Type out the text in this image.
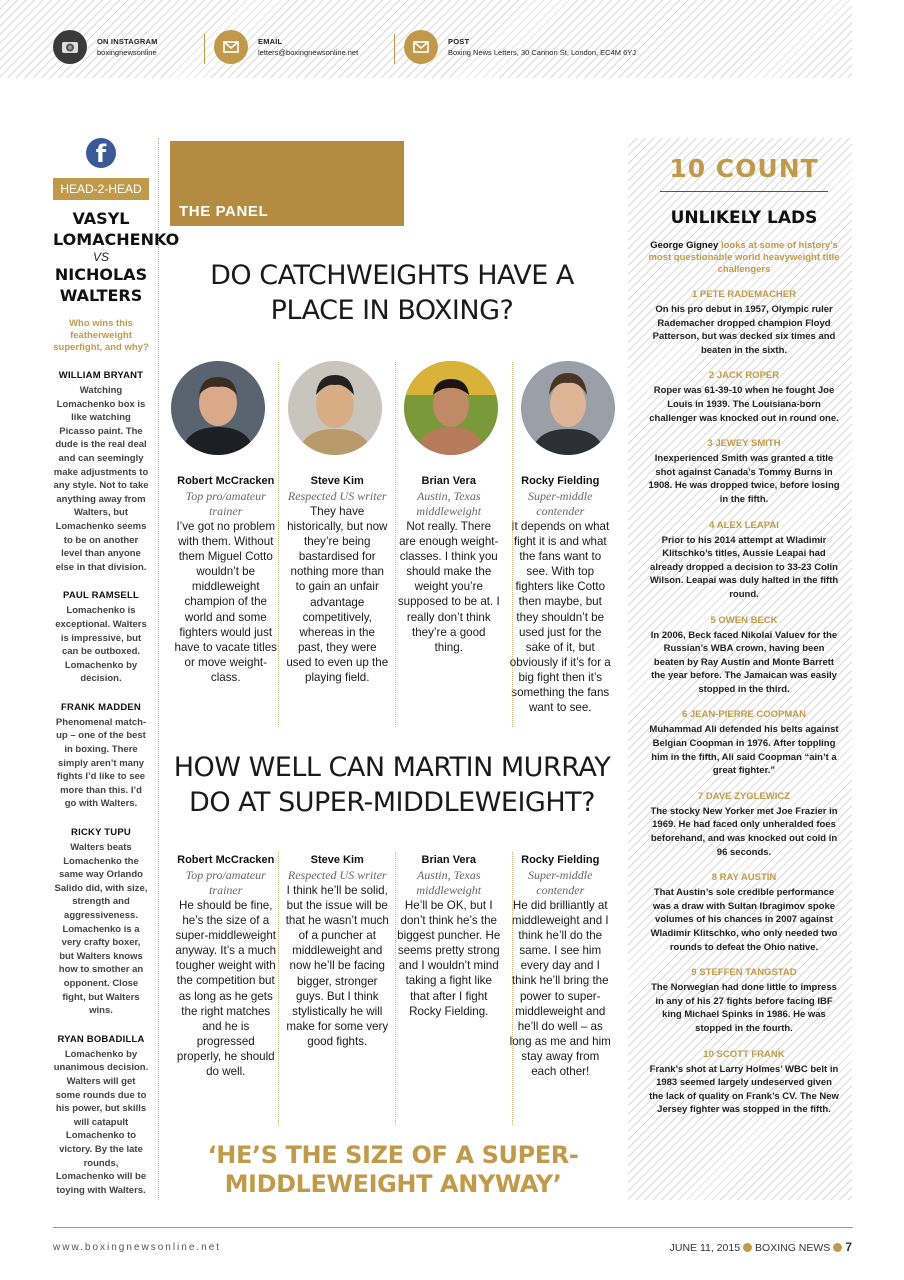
ON INSTAGRAM
boxingnewsonline
EMAIL
letters@boxingnewsonline.net
POST
Boxing News Letters, 30 Cannon St, London, EC4M 6YJ
f
HEAD-2-HEAD
VASYL LOMACHENKO
VS
NICHOLAS WALTERS
Who wins this featherweight superfight, and why?
WILLIAM BRYANT
Watching Lomachenko box is like watching Picasso paint. The dude is the real deal and can seemingly make adjustments to any style. Not to take anything away from Walters, but Lomachenko seems to be on another level than anyone else in that division.
PAUL RAMSELL
Lomachenko is exceptional. Walters is impressive, but can be outboxed. Lomachenko by decision.
FRANK MADDEN
Phenomenal match-up – one of the best in boxing. There simply aren’t many fights I’d like to see more than this. I’d go with Walters.
RICKY TUPU
Walters beats Lomachenko the same way Orlando Salido did, with size, strength and aggressiveness. Lomachenko is a very crafty boxer, but Walters knows how to smother an opponent. Close fight, but Walters wins.
RYAN BOBADILLA
Lomachenko by unanimous decision. Walters will get some rounds due to his power, but skills will catapult Lomachenko to victory. By the late rounds, Lomachenko will be toying with Walters.
THE PANEL
DO CATCHWEIGHTS HAVE A PLACE IN BOXING?
Robert McCracken
Top pro/amateur trainer
I’ve got no problem with them. Without them Miguel Cotto wouldn’t be middleweight champion of the world and some fighters would just have to vacate titles or move weight-class.
Steve Kim
Respected US writer
They have historically, but now they’re being bastardised for nothing more than to gain an unfair advantage competitively, whereas in the past, they were used to even up the playing field.
Brian Vera
Austin, Texas middleweight
Not really. There are enough weight-classes. I think you should make the weight you’re supposed to be at. I really don’t think they’re a good thing.
Rocky Fielding
Super-middle contender
It depends on what fight it is and what the fans want to see. With top fighters like Cotto then maybe, but they shouldn’t be used just for the sake of it, but obviously if it’s for a big fight then it’s something the fans want to see.
HOW WELL CAN MARTIN MURRAY DO AT SUPER-MIDDLEWEIGHT?
Robert McCracken
Top pro/amateur trainer
He should be fine, he’s the size of a super-middleweight anyway. It’s a much tougher weight with the competition but as long as he gets the right matches and he is progressed properly, he should do well.
Steve Kim
Respected US writer
I think he’ll be solid, but the issue will be that he wasn’t much of a puncher at middleweight and now he’ll be facing bigger, stronger guys. But I think stylistically he will make for some very good fights.
Brian Vera
Austin, Texas middleweight
He’ll be OK, but I don’t think he’s the biggest puncher. He seems pretty strong and I wouldn’t mind taking a fight like that after I fight Rocky Fielding.
Rocky Fielding
Super-middle contender
He did brilliantly at middleweight and I think he’ll do the same. I see him every day and I think he’ll bring the power to super-middleweight and he’ll do well – as long as me and him stay away from each other!
‘HE’S THE SIZE OF A SUPER-MIDDLEWEIGHT ANYWAY’
10 COUNT
UNLIKELY LADS
George Gigney looks at some of history’s most questionable world heavyweight title challengers
1 PETE RADEMACHER
On his pro debut in 1957, Olympic ruler Rademacher dropped champion Floyd Patterson, but was decked six times and beaten in the sixth.
2 JACK ROPER
Roper was 61-39-10 when he fought Joe Louis in 1939. The Louisiana-born challenger was knocked out in round one.
3 JEWEY SMITH
Inexperienced Smith was granted a title shot against Canada’s Tommy Burns in 1908. He was dropped twice, before losing in the fifth.
4 ALEX LEAPAI
Prior to his 2014 attempt at Wladimir Klitschko’s titles, Aussie Leapai had already dropped a decision to 33-23 Colin Wilson. Leapai was duly halted in the fifth round.
5 OWEN BECK
In 2006, Beck faced Nikolai Valuev for the Russian’s WBA crown, having been beaten by Ray Austin and Monte Barrett the year before. The Jamaican was easily stopped in the third.
6 JEAN-PIERRE COOPMAN
Muhammad Ali defended his belts against Belgian Coopman in 1976. After toppling him in the fifth, Ali said Coopman “ain’t a great fighter.”
7 DAVE ZYGLEWICZ
The stocky New Yorker met Joe Frazier in 1969. He had faced only unheralded foes beforehand, and was knocked out cold in 96 seconds.
8 RAY AUSTIN
That Austin’s sole credible performance was a draw with Sultan Ibragimov spoke volumes of his chances in 2007 against Wladimir Klitschko, who only needed two rounds to defeat the Ohio native.
9 STEFFEN TANGSTAD
The Norwegian had done little to impress in any of his 27 fights before facing IBF king Michael Spinks in 1986. He was stopped in the fourth.
10 SCOTT FRANK
Frank’s shot at Larry Holmes’ WBC belt in 1983 seemed largely undeserved given the lack of quality on Frank’s CV. The New Jersey fighter was stopped in the fifth.
www.boxingnewsonline.net	JUNE 11, 2015 BOXING NEWS 7
